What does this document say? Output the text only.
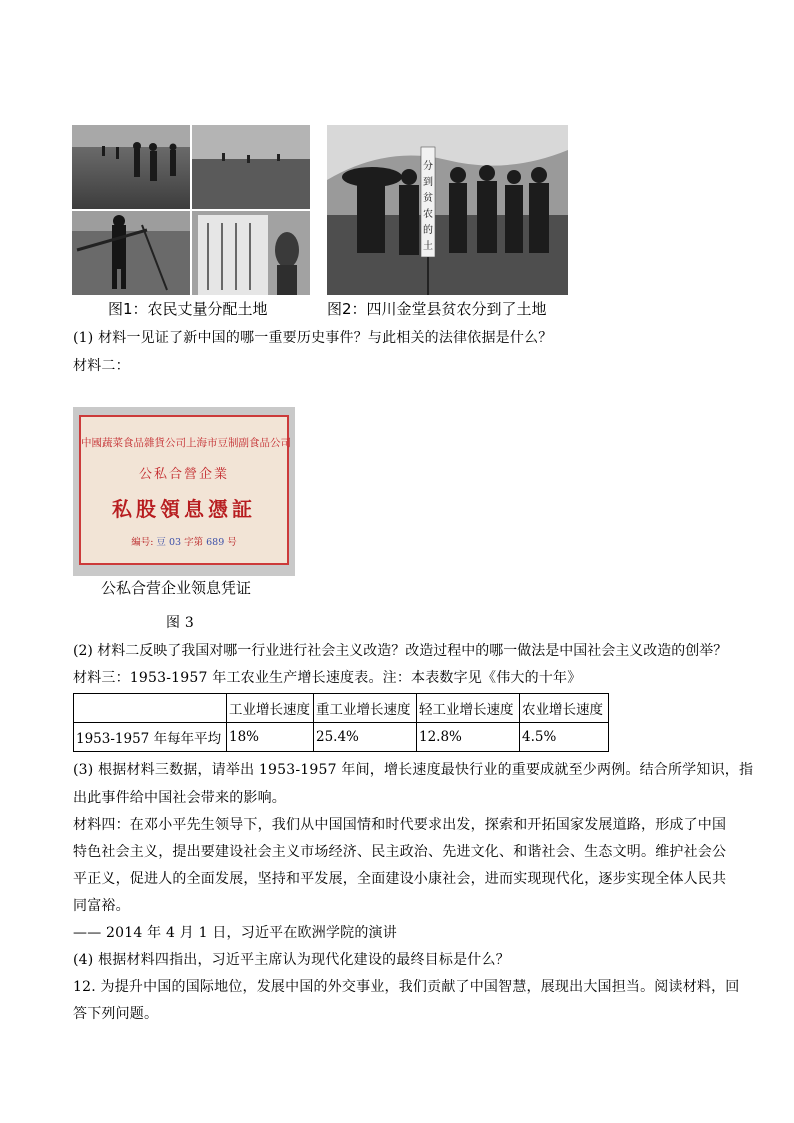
图1：农民丈量分配土地
分
到
贫
农
的
土
图2：四川金堂县贫农分到了土地
(1) 材料一见证了新中国的哪一重要历史事件？与此相关的法律依据是什么？
材料二：
中國蔬菜食品雜貨公司上海市豆制副食品公司
公私合營企業
私股領息憑証
編号: 豆 03 字第 689 号
公私合营企业领息凭证
图 3
(2) 材料二反映了我国对哪一行业进行社会主义改造？改造过程中的哪一做法是中国社会主义改造的创举？
材料三：1953-1957 年工农业生产增长速度表。注：本表数字见《伟大的十年》
	工业增长速度	重工业增长速度	轻工业增长速度	农业增长速度
1953-1957 年每年平均	18%	25.4%	12.8%	4.5%
(3) 根据材料三数据，请举出 1953-1957 年间，增长速度最快行业的重要成就至少两例。结合所学知识，指
出此事件给中国社会带来的影响。
材料四：在邓小平先生领导下，我们从中国国情和时代要求出发，探索和开拓国家发展道路，形成了中国
特色社会主义，提出要建设社会主义市场经济、民主政治、先进文化、和谐社会、生态文明。维护社会公
平正义，促进人的全面发展，坚持和平发展，全面建设小康社会，进而实现现代化，逐步实现全体人民共
同富裕。
—— 2014 年 4 月 1 日，习近平在欧洲学院的演讲
(4) 根据材料四指出，习近平主席认为现代化建设的最终目标是什么？
12. 为提升中国的国际地位，发展中国的外交事业，我们贡献了中国智慧，展现出大国担当。阅读材料，回
答下列问题。
